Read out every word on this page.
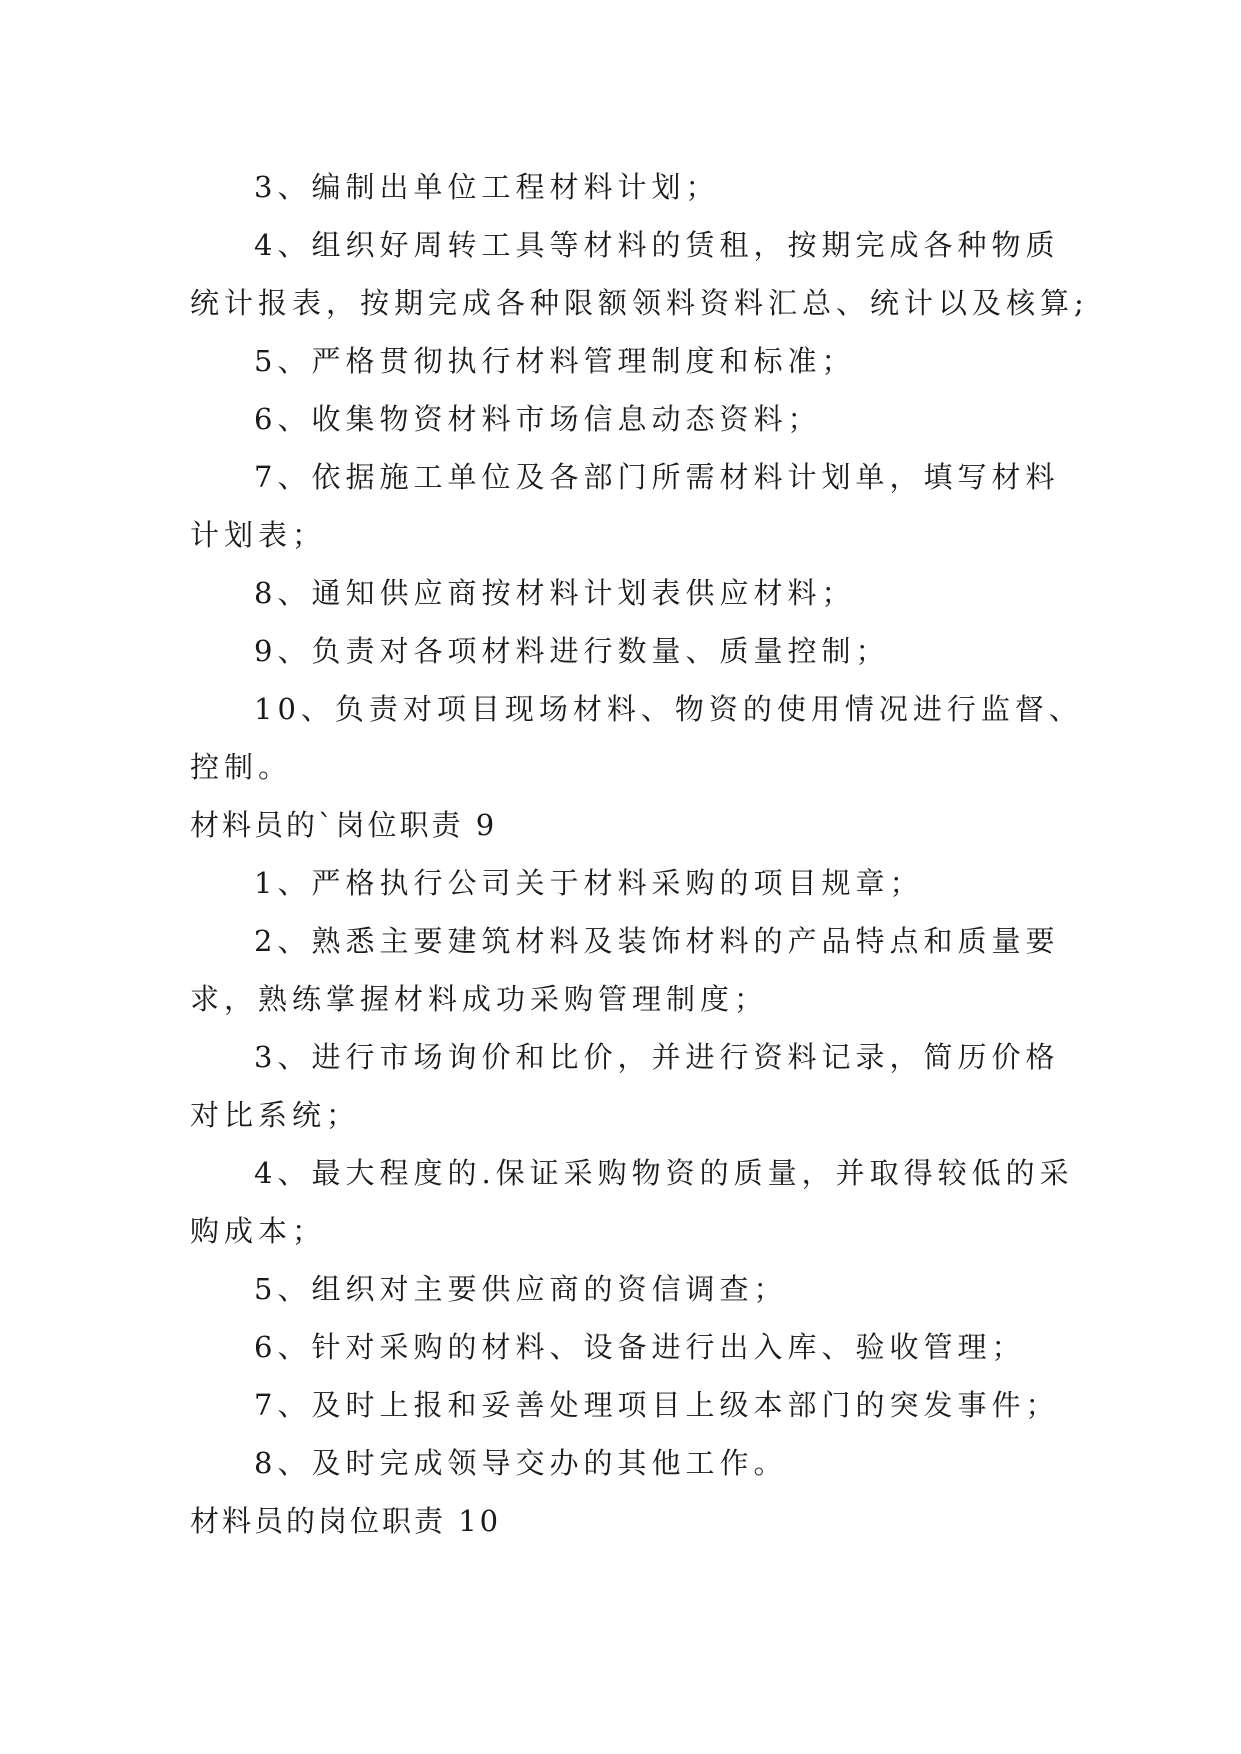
3、编制出单位工程材料计划；
4、组织好周转工具等材料的赁租，按期完成各种物质
统计报表，按期完成各种限额领料资料汇总、统计以及核算;
5、严格贯彻执行材料管理制度和标准；
6、收集物资材料市场信息动态资料；
7、依据施工单位及各部门所需材料计划单，填写材料
计划表；
8、通知供应商按材料计划表供应材料；
9、负责对各项材料进行数量、质量控制；
10、负责对项目现场材料、物资的使用情况进行监督、
控制。
材料员的`岗位职责 9
1、严格执行公司关于材料采购的项目规章；
2、熟悉主要建筑材料及装饰材料的产品特点和质量要
求，熟练掌握材料成功采购管理制度；
3、进行市场询价和比价，并进行资料记录，简历价格
对比系统；
4、最大程度的.保证采购物资的质量，并取得较低的采
购成本；
5、组织对主要供应商的资信调查；
6、针对采购的材料、设备进行出入库、验收管理；
7、及时上报和妥善处理项目上级本部门的突发事件；
8、及时完成领导交办的其他工作。
材料员的岗位职责 10
